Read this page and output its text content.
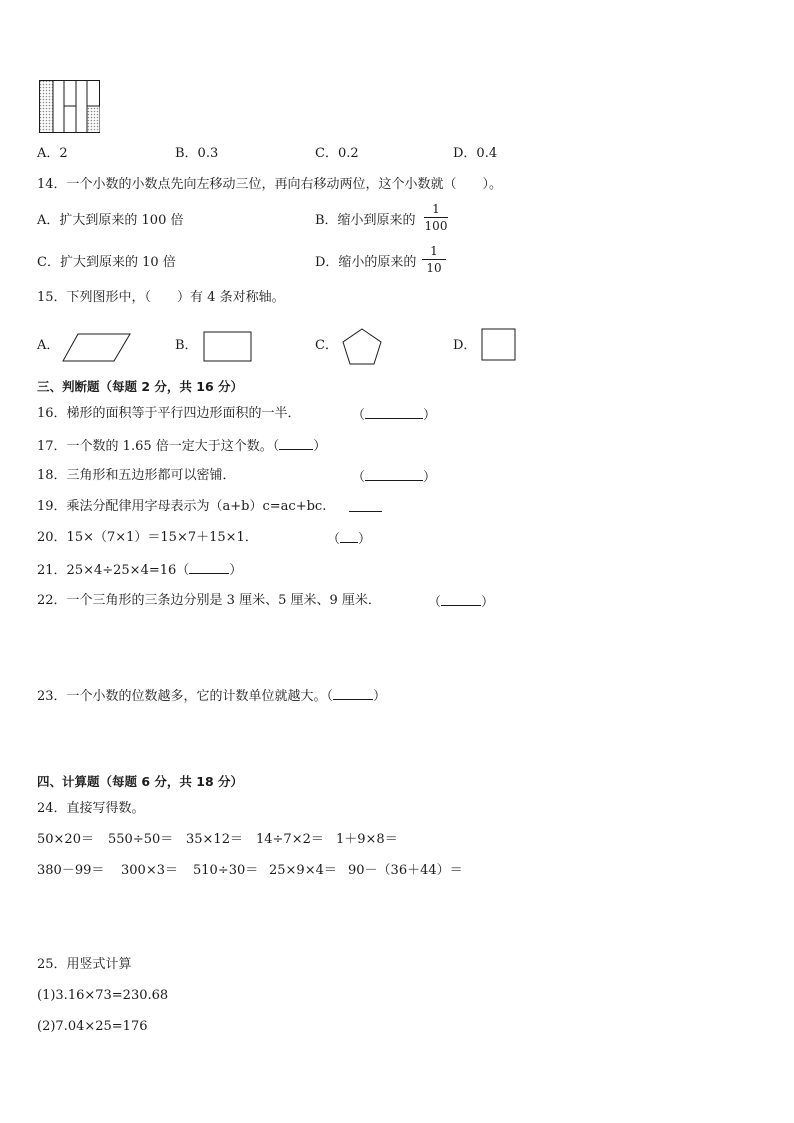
A．2	B．0.3	C．0.2	D．0.4
14．一个小数的小数点先向左移动三位，再向右移动两位，这个小数就（　　）。
A．扩大到原来的 100 倍	B．缩小到原来的
1
100
C．扩大到原来的 10 倍	D．缩小的原来的
1
10
15．下列图形中，（　　）有 4 条对称轴。
A．	B．	C．	D．
三、判断题（每题 2 分，共 16 分）
16．梯形的面积等于平行四边形面积的一半．	（	）
17．一个数的 1.65 倍一定大于这个数。（	）
18．三角形和五边形都可以密铺．	（	）
19．乘法分配律用字母表示为（a+b）c=ac+bc.
20．15×（7×1）＝15×7＋15×1．	（ ）
21．25×4÷25×4=16（	）
22．一个三角形的三条边分别是 3 厘米、5 厘米、9 厘米．	（	）
23．一个小数的位数越多，它的计数单位就越大。（	）
四、计算题（每题 6 分，共 18 分）
24．直接写得数。
50×20＝ 550÷50＝ 35×12＝ 14÷7×2＝ 1＋9×8＝
380－99＝ 300×3＝ 510÷30＝ 25×9×4＝ 90－（36＋44）＝
25．用竖式计算
(1)3.16×73=230.68
(2)7.04×25=176
